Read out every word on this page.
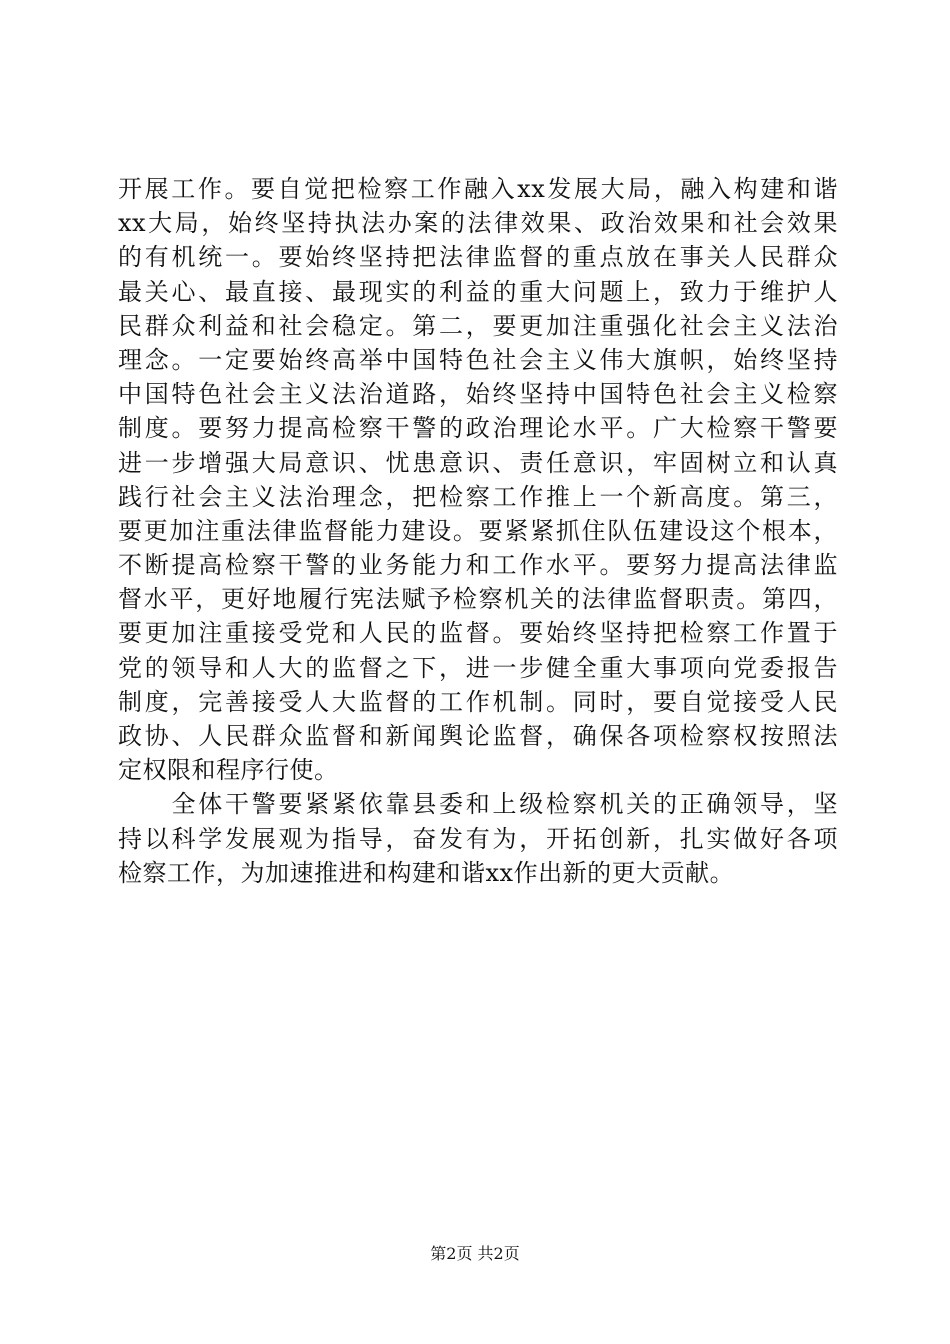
开展工作。要自觉把检察工作融入xx发展大局，融入构建和谐
xx大局，始终坚持执法办案的法律效果、政治效果和社会效果
的有机统一。要始终坚持把法律监督的重点放在事关人民群众
最关心、最直接、最现实的利益的重大问题上，致力于维护人
民群众利益和社会稳定。第二，要更加注重强化社会主义法治
理念。一定要始终高举中国特色社会主义伟大旗帜，始终坚持
中国特色社会主义法治道路，始终坚持中国特色社会主义检察
制度。要努力提高检察干警的政治理论水平。广大检察干警要
进一步增强大局意识、忧患意识、责任意识，牢固树立和认真
践行社会主义法治理念，把检察工作推上一个新高度。第三，
要更加注重法律监督能力建设。要紧紧抓住队伍建设这个根本，
不断提高检察干警的业务能力和工作水平。要努力提高法律监
督水平，更好地履行宪法赋予检察机关的法律监督职责。第四，
要更加注重接受党和人民的监督。要始终坚持把检察工作置于
党的领导和人大的监督之下，进一步健全重大事项向党委报告
制度，完善接受人大监督的工作机制。同时，要自觉接受人民
政协、人民群众监督和新闻舆论监督，确保各项检察权按照法
定权限和程序行使。
　　全体干警要紧紧依靠县委和上级检察机关的正确领导，坚
持以科学发展观为指导，奋发有为，开拓创新，扎实做好各项
检察工作，为加速推进和构建和谐xx作出新的更大贡献。
第2页 共2页
